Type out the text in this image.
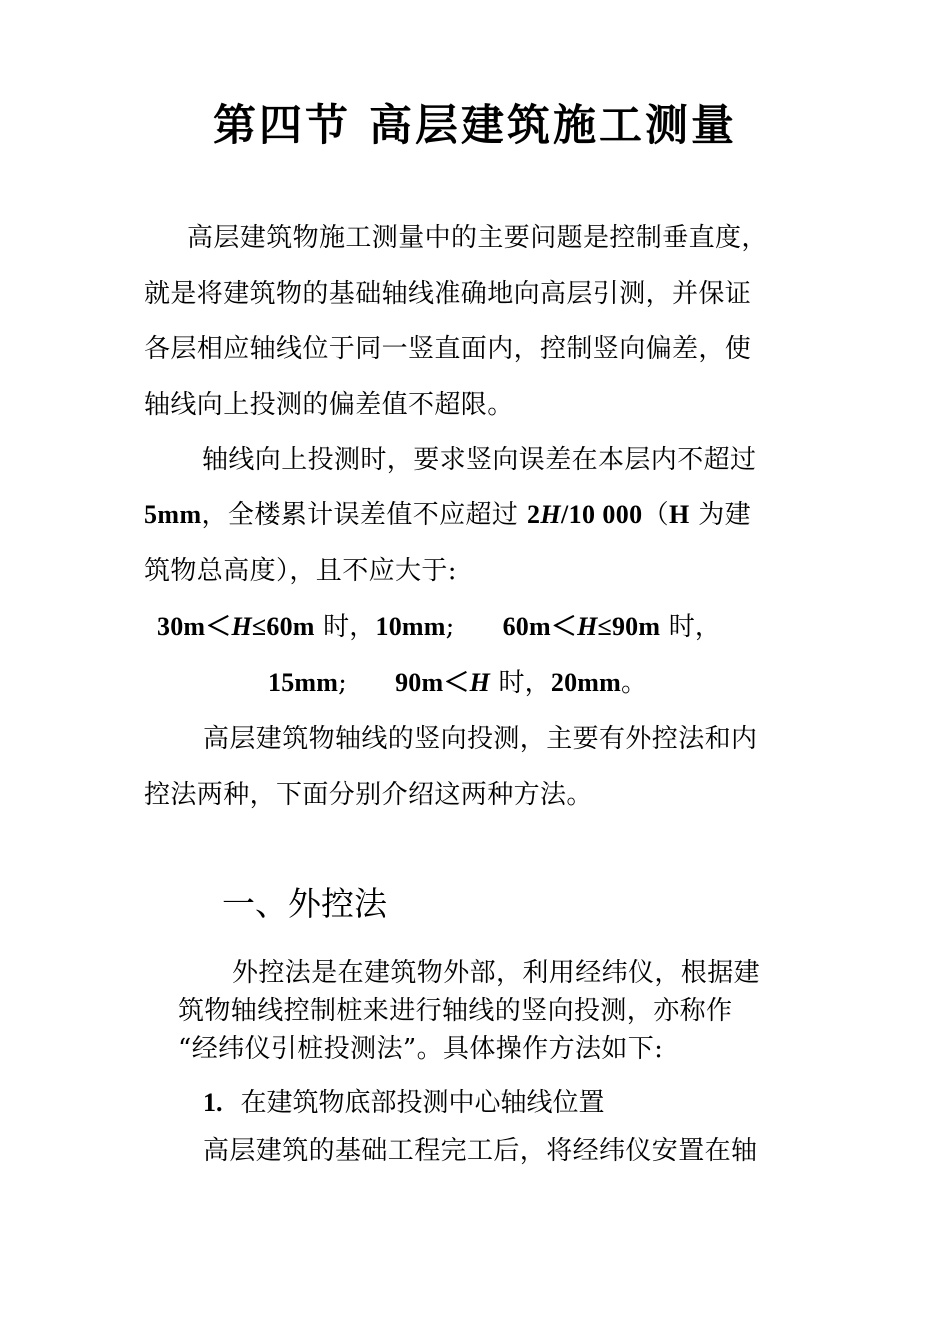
第四节 高层建筑施工测量
高层建筑物施工测量中的主要问题是控制垂直度，
就是将建筑物的基础轴线准确地向高层引测，并保证
各层相应轴线位于同一竖直面内，控制竖向偏差，使
轴线向上投测的偏差值不超限。
轴线向上投测时，要求竖向误差在本层内不超过
5mm，全楼累计误差值不应超过 2H/10 000（H 为建
筑物总高度），且不应大于:
30m＜H≤60m 时，10mm; 60m＜H≤90m 时，
15mm; 90m＜H 时，20mm。
高层建筑物轴线的竖向投测，主要有外控法和内
控法两种，下面分别介绍这两种方法。
一、外控法
外控法是在建筑物外部，利用经纬仪，根据建
筑物轴线控制桩来进行轴线的竖向投测，亦称作
“经纬仪引桩投测法”。具体操作方法如下:
1. 在建筑物底部投测中心轴线位置
高层建筑的基础工程完工后，将经纬仪安置在轴
